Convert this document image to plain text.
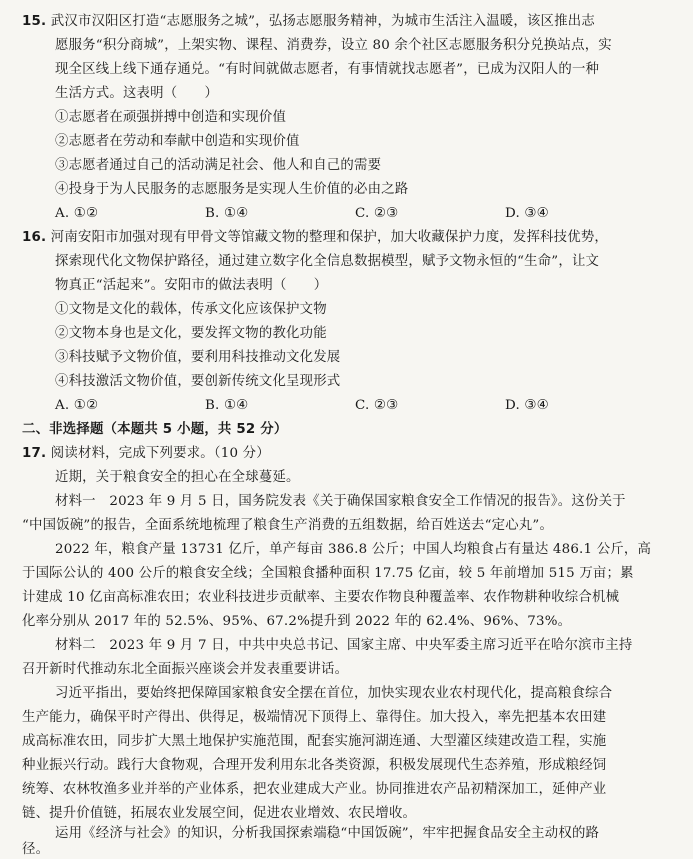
15. 武汉市汉阳区打造“志愿服务之城”，弘扬志愿服务精神，为城市生活注入温暖，该区推出志
愿服务“积分商城”，上架实物、课程、消费券，设立 80 余个社区志愿服务积分兑换站点，实
现全区线上线下通存通兑。“有时间就做志愿者，有事情就找志愿者”，已成为汉阳人的一种
生活方式。这表明（　　）
①志愿者在顽强拼搏中创造和实现价值
②志愿者在劳动和奉献中创造和实现价值
③志愿者通过自己的活动满足社会、他人和自己的需要
④投身于为人民服务的志愿服务是实现人生价值的必由之路
A. ①②	B. ①④	C. ②③	D. ③④
16. 河南安阳市加强对现有甲骨文等馆藏文物的整理和保护，加大收藏保护力度，发挥科技优势，
探索现代化文物保护路径，通过建立数字化全信息数据模型，赋予文物永恒的“生命”，让文
物真正“活起来”。安阳市的做法表明（　　）
①文物是文化的载体，传承文化应该保护文物
②文物本身也是文化，要发挥文物的教化功能
③科技赋予文物价值，要利用科技推动文化发展
④科技激活文物价值，要创新传统文化呈现形式
A. ①②	B. ①④	C. ②③	D. ③④
二、非选择题（本题共 5 小题，共 52 分）
17. 阅读材料，完成下列要求。（10 分）
近期，关于粮食安全的担心在全球蔓延。
材料一　2023 年 9 月 5 日，国务院发表《关于确保国家粮食安全工作情况的报告》。这份关于
“中国饭碗”的报告，全面系统地梳理了粮食生产消费的五组数据，给百姓送去“定心丸”。
2022 年，粮食产量 13731 亿斤，单产每亩 386.8 公斤；中国人均粮食占有量达 486.1 公斤，高
于国际公认的 400 公斤的粮食安全线；全国粮食播种面积 17.75 亿亩，较 5 年前增加 515 万亩；累
计建成 10 亿亩高标准农田；农业科技进步贡献率、主要农作物良种覆盖率、农作物耕种收综合机械
化率分别从 2017 年的 52.5%、95%、67.2%提升到 2022 年的 62.4%、96%、73%。
材料二　2023 年 9 月 7 日，中共中央总书记、国家主席、中央军委主席习近平在哈尔滨市主持
召开新时代推动东北全面振兴座谈会并发表重要讲话。
习近平指出，要始终把保障国家粮食安全摆在首位，加快实现农业农村现代化，提高粮食综合
生产能力，确保平时产得出、供得足，极端情况下顶得上、靠得住。加大投入，率先把基本农田建
成高标准农田，同步扩大黑土地保护实施范围，配套实施河湖连通、大型灌区续建改造工程，实施
种业振兴行动。践行大食物观，合理开发利用东北各类资源，积极发展现代生态养殖，形成粮经饲
统筹、农林牧渔多业并举的产业体系，把农业建成大产业。协同推进农产品初精深加工，延伸产业
链、提升价值链，拓展农业发展空间，促进农业增效、农民增收。
运用《经济与社会》的知识，分析我国探索端稳“中国饭碗”，牢牢把握食品安全主动权的路
径。
